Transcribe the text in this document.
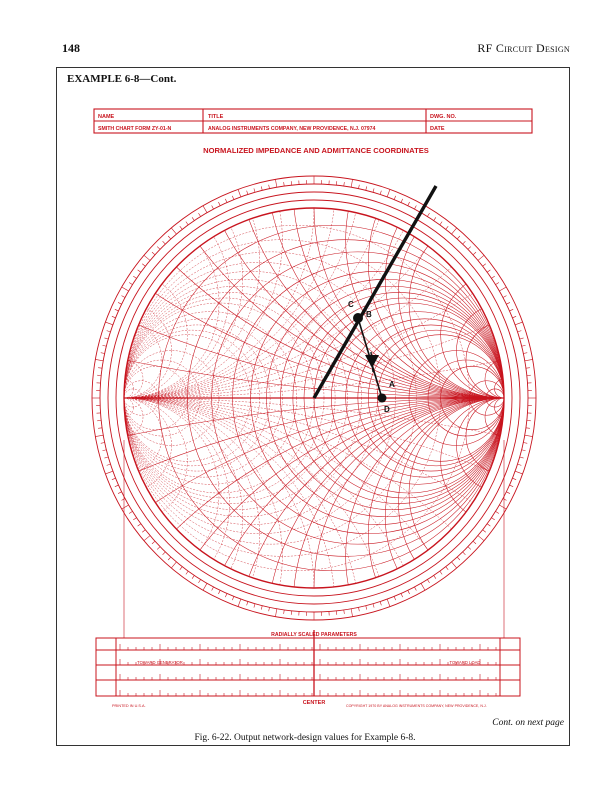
148	RF Circuit Design
EXAMPLE 6-8—Cont.
NAME	TITLE	DWG. NO.
SMITH CHART FORM ZY-01-N	ANALOG INSTRUMENTS COMPANY, NEW PROVIDENCE, N.J. 07974	DATE
NORMALIZED IMPEDANCE AND ADMITTANCE COORDINATES
RADIALLY SCALED PARAMETERS
TOWARD GENERATOR	TOWARD LOAD
CENTER
PRINTED IN U.S.A.	COPYRIGHT 1970 BY ANALOG INSTRUMENTS COMPANY, NEW PROVIDENCE, N.J.
A
B
C
D
Cont. on next page
Fig. 6-22. Output network-design values for Example 6-8.
